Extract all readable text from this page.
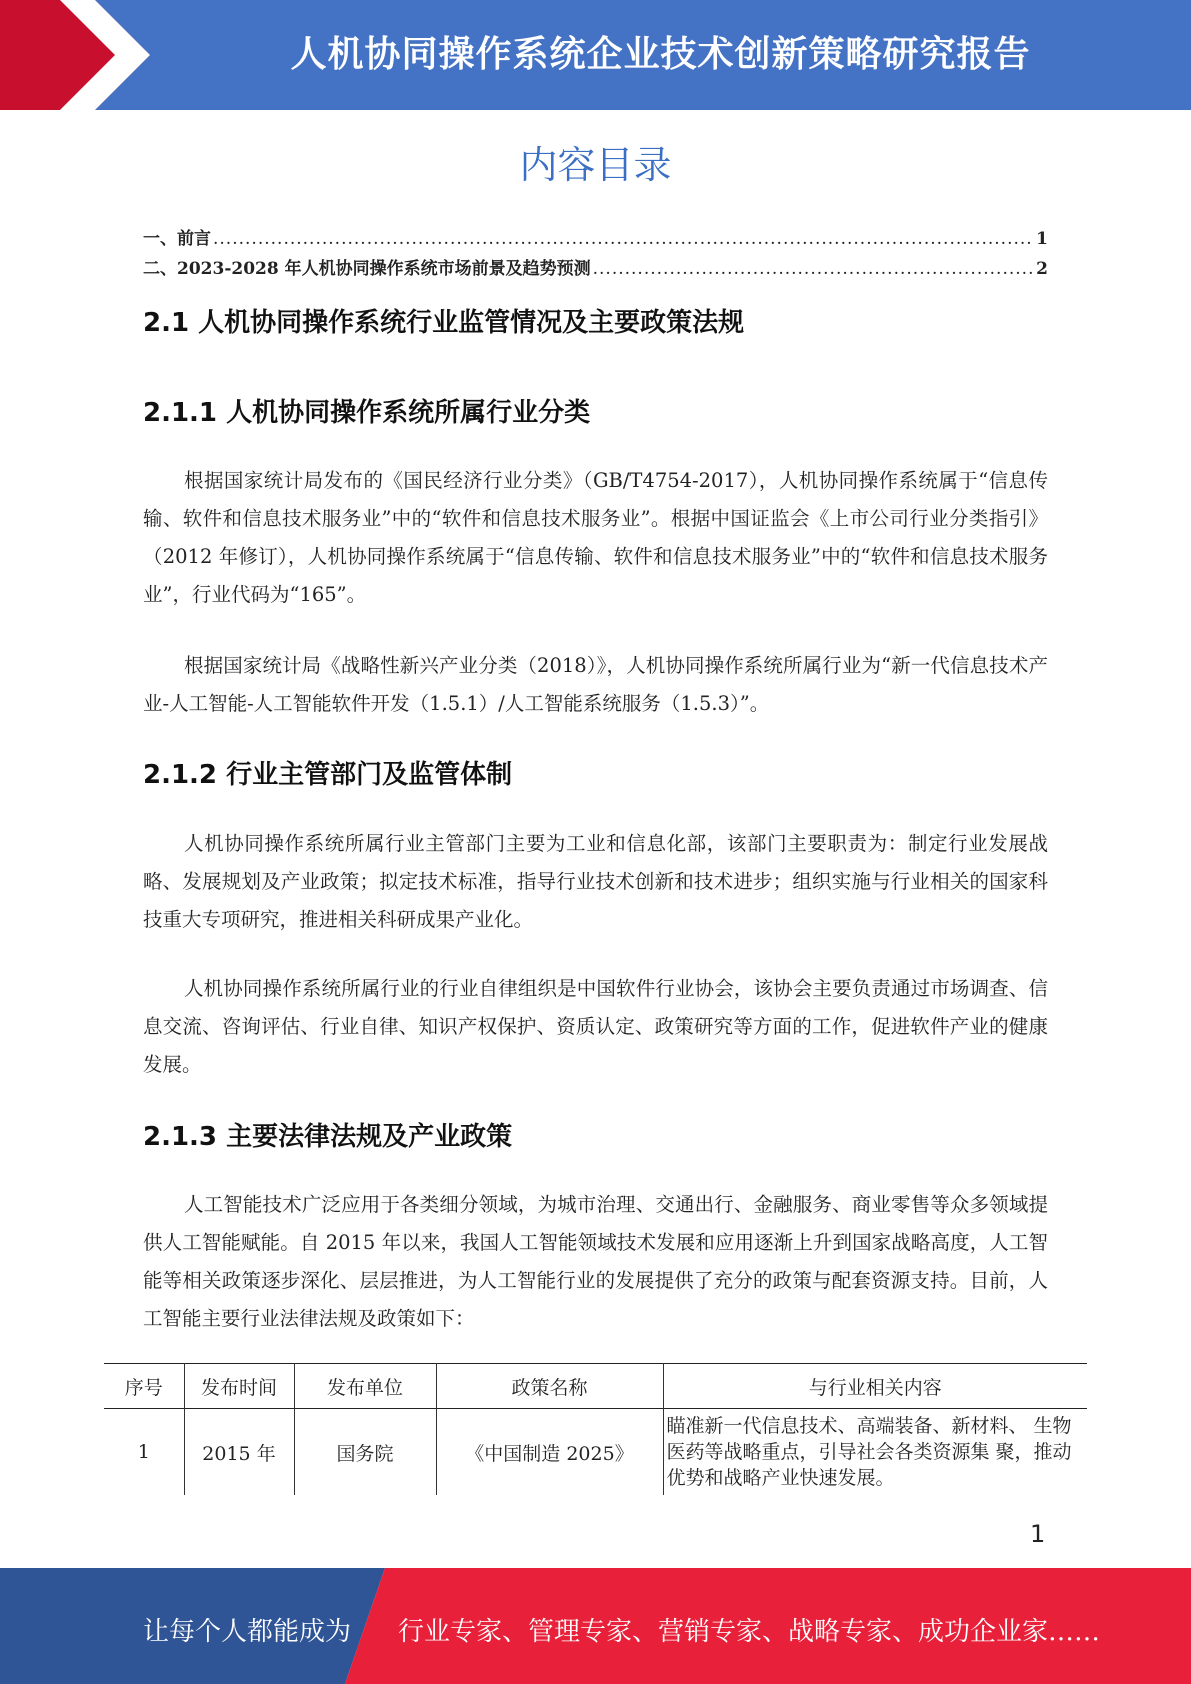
人机协同操作系统企业技术创新策略研究报告
内容目录
一、前言 .....	1
二、2023-2028 年人机协同操作系统市场前景及趋势预测 .....	2
2.1 人机协同操作系统行业监管情况及主要政策法规
2.1.1 人机协同操作系统所属行业分类
根据国家统计局发布的《国民经济行业分类》（GB/T4754-2017），人机协同操作系统属于“信息传输、软件和信息技术服务业”中的“软件和信息技术服务业”。根据中国证监会《上市公司行业分类指引》（2012 年修订），人机协同操作系统属于“信息传输、软件和信息技术服务业”中的“软件和信息技术服务业”，行业代码为“165”。
根据国家统计局《战略性新兴产业分类（2018）》，人机协同操作系统所属行业为“新一代信息技术产业-人工智能-人工智能软件开发（1.5.1）/人工智能系统服务（1.5.3）”。
2.1.2 行业主管部门及监管体制
人机协同操作系统所属行业主管部门主要为工业和信息化部，该部门主要职责为：制定行业发展战略、发展规划及产业政策；拟定技术标准，指导行业技术创新和技术进步；组织实施与行业相关的国家科技重大专项研究，推进相关科研成果产业化。
人机协同操作系统所属行业的行业自律组织是中国软件行业协会，该协会主要负责通过市场调查、信息交流、咨询评估、行业自律、知识产权保护、资质认定、政策研究等方面的工作，促进软件产业的健康发展。
2.1.3 主要法律法规及产业政策
人工智能技术广泛应用于各类细分领域，为城市治理、交通出行、金融服务、商业零售等众多领域提供人工智能赋能。自 2015 年以来，我国人工智能领域技术发展和应用逐渐上升到国家战略高度，人工智能等相关政策逐步深化、层层推进，为人工智能行业的发展提供了充分的政策与配套资源支持。目前，人工智能主要行业法律法规及政策如下：
序号	发布时间	发布单位	政策名称	与行业相关内容
1	2015 年	国务院	《中国制造 2025》	瞄准新一代信息技术、高端装备、新材料、 生物医药等战略重点，引导社会各类资源集 聚，推动优势和战略产业快速发展。
1
让每个人都能成为 行业专家、管理专家、营销专家、战略专家、成功企业家……
